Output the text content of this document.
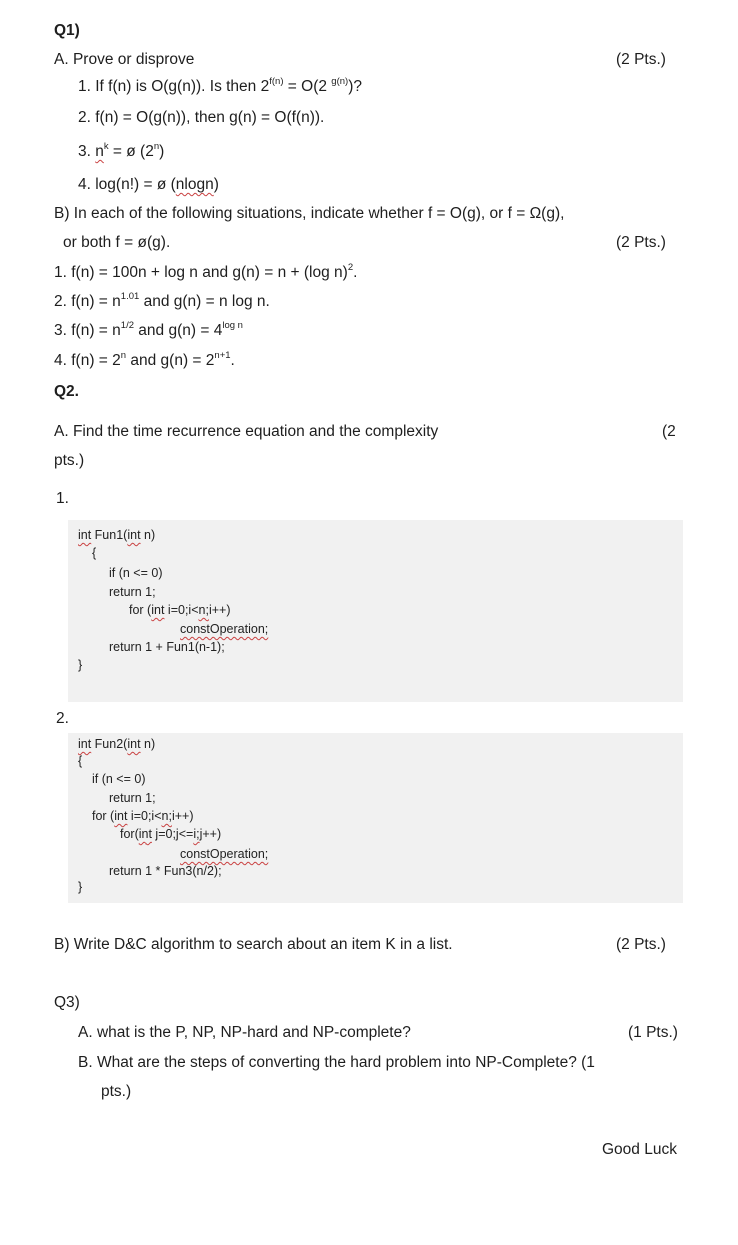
Q1)
A. Prove or disprove	(2 Pts.)
1. If f(n) is O(g(n)). Is then $2^{f(n)} = O(2$ $^{g(n)}$)?
2. f(n) = O(g(n)), then g(n) = O(f(n)).
3. $n^k$ = ø (2$^n$)
4. log(n!) = ø (nlogn)
B) In each of the following situations, indicate whether f = O(g), or f = Ω(g),
or both f = ø(g).	(2 Pts.)
1. f(n) = 100n + log n and g(n) = n + (log n)$^2$.
2. $f(n) = n^{1.01}$ and g(n) = n log n.
3. $f(n) = n^{1/2}$ and $g(n) = 4^{log n}$
4. $f(n) = 2^n$ and $g(n) = 2^{n+1}$.
Q2.
A. Find the time recurrence equation and the complexity	(2
pts.)
1.
int Fun1(int n)
{
if (n <= 0)
return 1;
for (int i=0;i<n;i++)
constOperation;
return 1 + Fun1(n-1);
}
2.
int Fun2(int n)
{
if (n <= 0)
return 1;
for (int i=0;i<n;i++)
for(int j=0;j<=i;j++)
constOperation;
return 1 * Fun3(n/2);
}
B) Write D&C algorithm to search about an item K in a list.	(2 Pts.)
Q3)
A. what is the P, NP, NP-hard and NP-complete?	(1 Pts.)
B. What are the steps of converting the hard problem into NP-Complete? (1
pts.)
Good Luck
